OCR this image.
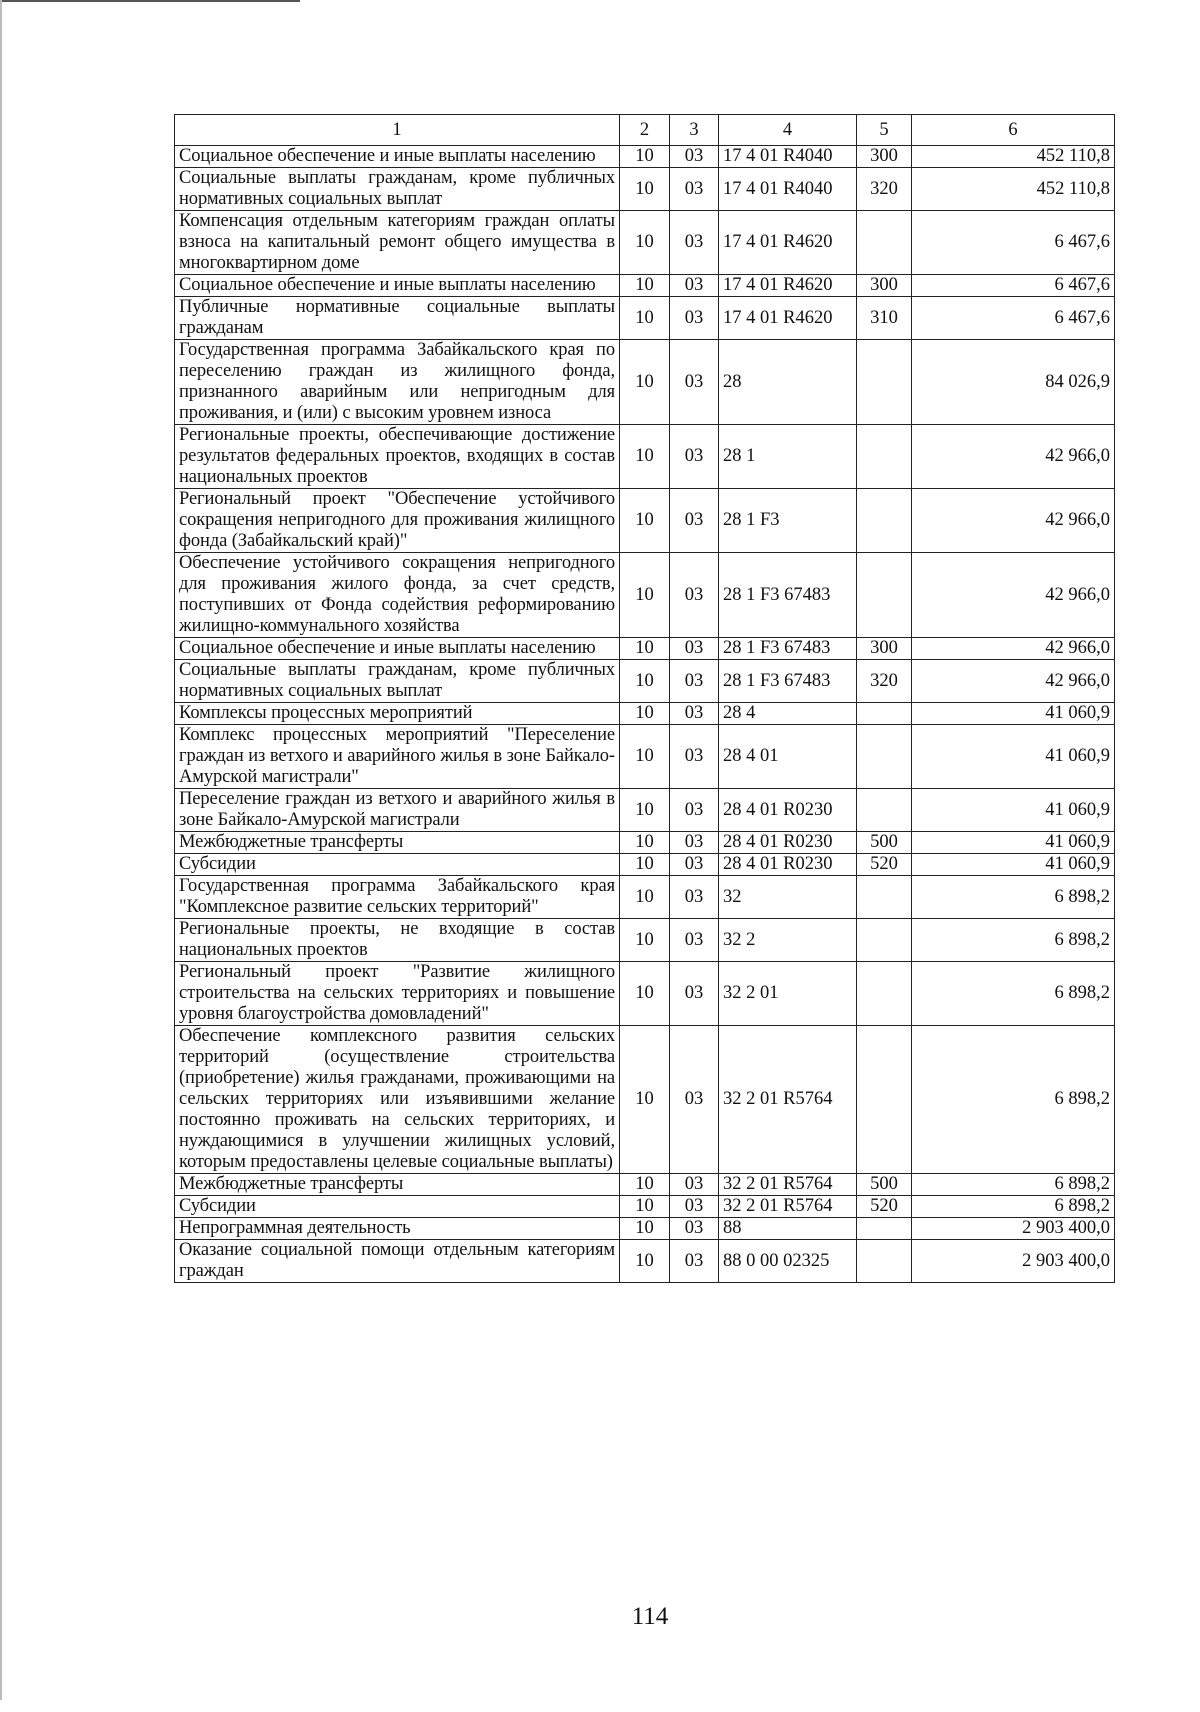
1	2	3	4	5	6
Социальное обеспечение и иные выплаты населению	10	03	17 4 01 R4040	300	452 110,8
Социальные выплаты гражданам, кроме публичных нормативных социальных выплат	10	03	17 4 01 R4040	320	452 110,8
Компенсация отдельным категориям граждан оплаты взноса на капитальный ремонт общего имущества в многоквартирном доме	10	03	17 4 01 R4620		6 467,6
Социальное обеспечение и иные выплаты населению	10	03	17 4 01 R4620	300	6 467,6
Публичные нормативные социальные выплаты гражданам	10	03	17 4 01 R4620	310	6 467,6
Государственная программа Забайкальского края по переселению граждан из жилищного фонда, признанного аварийным или непригодным для проживания, и (или) с высоким уровнем износа	10	03	28		84 026,9
Региональные проекты, обеспечивающие достижение результатов федеральных проектов, входящих в состав национальных проектов	10	03	28 1		42 966,0
Региональный проект "Обеспечение устойчивого сокращения непригодного для проживания жилищного фонда (Забайкальский край)"	10	03	28 1 F3		42 966,0
Обеспечение устойчивого сокращения непригодного для проживания жилого фонда, за счет средств, поступивших от Фонда содействия реформированию жилищно-коммунального хозяйства	10	03	28 1 F3 67483		42 966,0
Социальное обеспечение и иные выплаты населению	10	03	28 1 F3 67483	300	42 966,0
Социальные выплаты гражданам, кроме публичных нормативных социальных выплат	10	03	28 1 F3 67483	320	42 966,0
Комплексы процессных мероприятий	10	03	28 4		41 060,9
Комплекс процессных мероприятий "Переселение граждан из ветхого и аварийного жилья в зоне Байкало-Амурской магистрали"	10	03	28 4 01		41 060,9
Переселение граждан из ветхого и аварийного жилья в зоне Байкало-Амурской магистрали	10	03	28 4 01 R0230		41 060,9
Межбюджетные трансферты	10	03	28 4 01 R0230	500	41 060,9
Субсидии	10	03	28 4 01 R0230	520	41 060,9
Государственная программа Забайкальского края "Комплексное развитие сельских территорий"	10	03	32		6 898,2
Региональные проекты, не входящие в состав национальных проектов	10	03	32 2		6 898,2
Региональный проект "Развитие жилищного строительства на сельских территориях и повышение уровня благоустройства домовладений"	10	03	32 2 01		6 898,2
Обеспечение комплексного развития сельских территорий (осуществление строительства (приобретение) жилья гражданами, проживающими на сельских территориях или изъявившими желание постоянно проживать на сельских территориях, и нуждающимися в улучшении жилищных условий, которым предоставлены целевые социальные выплаты)	10	03	32 2 01 R5764		6 898,2
Межбюджетные трансферты	10	03	32 2 01 R5764	500	6 898,2
Субсидии	10	03	32 2 01 R5764	520	6 898,2
Непрограммная деятельность	10	03	88		2 903 400,0
Оказание социальной помощи отдельным категориям граждан	10	03	88 0 00 02325		2 903 400,0
114
